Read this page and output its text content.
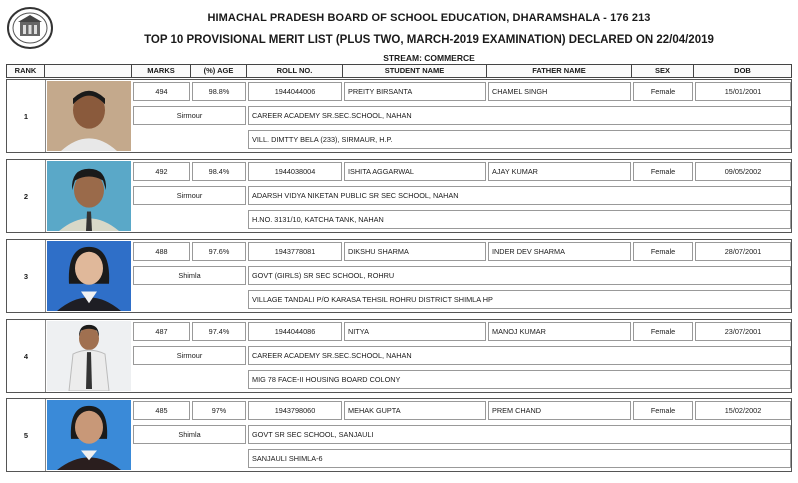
HIMACHAL PRADESH BOARD OF SCHOOL EDUCATION, DHARAMSHALA - 176 213
TOP 10 PROVISIONAL MERIT LIST (PLUS TWO, MARCH-2019 EXAMINATION) DECLARED ON 22/04/2019
STREAM: COMMERCE
RANK	MARKS	(%) AGE	ROLL NO.	STUDENT NAME	FATHER NAME	SEX	DOB
1
494	98.8%	1944044006	PREITY BIRSANTA	CHAMEL SINGH	Female	15/01/2001
Sirmour	CAREER ACADEMY SR.SEC.SCHOOL, NAHAN
VILL. DIMTTY BELA (233), SIRMAUR, H.P.
2
492	98.4%	1944038004	ISHITA AGGARWAL	AJAY KUMAR	Female	09/05/2002
Sirmour	ADARSH VIDYA NIKETAN PUBLIC SR SEC SCHOOL, NAHAN
H.NO. 3131/10, KATCHA TANK, NAHAN
3
488	97.6%	1943778081	DIKSHU SHARMA	INDER DEV SHARMA	Female	28/07/2001
Shimla	GOVT (GIRLS) SR SEC SCHOOL, ROHRU
VILLAGE TANDALI P/O KARASA TEHSIL ROHRU DISTRICT SHIMLA HP
4
487	97.4%	1944044086	NITYA	MANOJ KUMAR	Female	23/07/2001
Sirmour	CAREER ACADEMY SR.SEC.SCHOOL, NAHAN
MIG 78 FACE-II HOUSING BOARD COLONY
5
485	97%	1943798060	MEHAK GUPTA	PREM CHAND	Female	15/02/2002
Shimla	GOVT SR SEC SCHOOL, SANJAULI
SANJAULI SHIMLA-6
